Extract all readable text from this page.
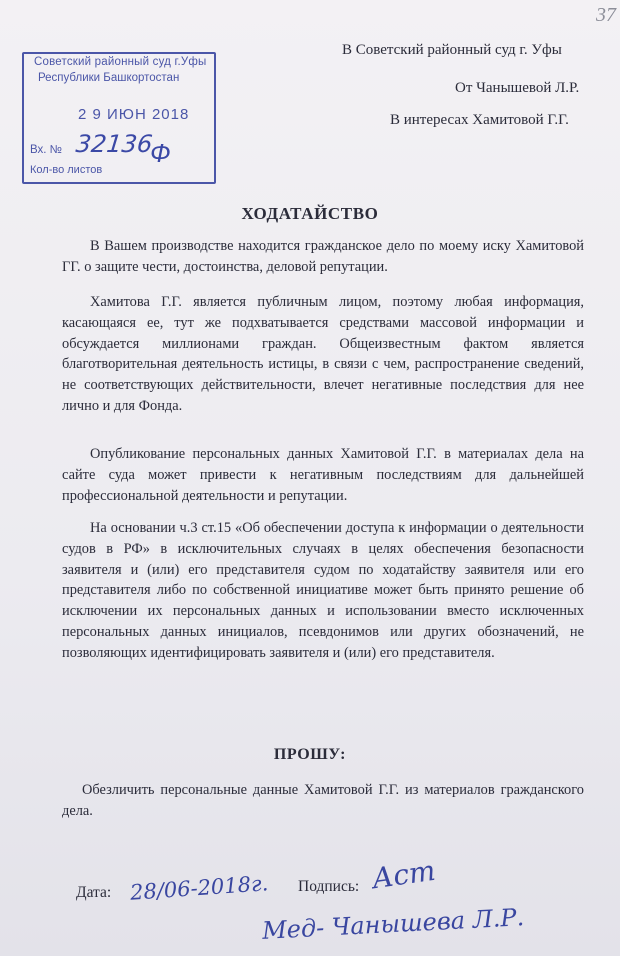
37
В Советский районный суд г. Уфы
От Чанышевой Л.Р.
В интересах Хамитовой Г.Г.
Советский районный суд г.Уфы
Республики Башкортостан
2 9 ИЮН 2018
Вх. № 32136
Ф
Кол-во листов
ХОДАТАЙСТВО
В Вашем производстве находится гражданское дело по моему иску Хамитовой ГГ. о защите чести, достоинства, деловой репутации.
Хамитова Г.Г. является публичным лицом, поэтому любая информация, касающаяся ее, тут же подхватывается средствами массовой информации и обсуждается миллионами граждан. Общеизвестным фактом является благотворительная деятельность истицы, в связи с чем, распространение сведений, не соответствующих действительности, влечет негативные последствия для нее лично и для Фонда.
Опубликование персональных данных Хамитовой Г.Г. в материалах дела на сайте суда может привести к негативным последствиям для дальнейшей профессиональной деятельности и репутации.
На основании ч.3 ст.15 «Об обеспечении доступа к информации о деятельности судов в РФ» в исключительных случаях в целях обеспечения безопасности заявителя и (или) его представителя судом по ходатайству заявителя или его представителя либо по собственной инициативе может быть принято решение об исключении их персональных данных и использовании вместо исключенных персональных данных инициалов, псевдонимов или других обозначений, не позволяющих идентифицировать заявителя и (или) его представителя.
ПРОШУ:
Обезличить персональные данные Хамитовой Г.Г. из материалов гражданского дела.
Дата: 28/06-2018г. Подпись: Аст
Мед- Чанышева Л.Р.
